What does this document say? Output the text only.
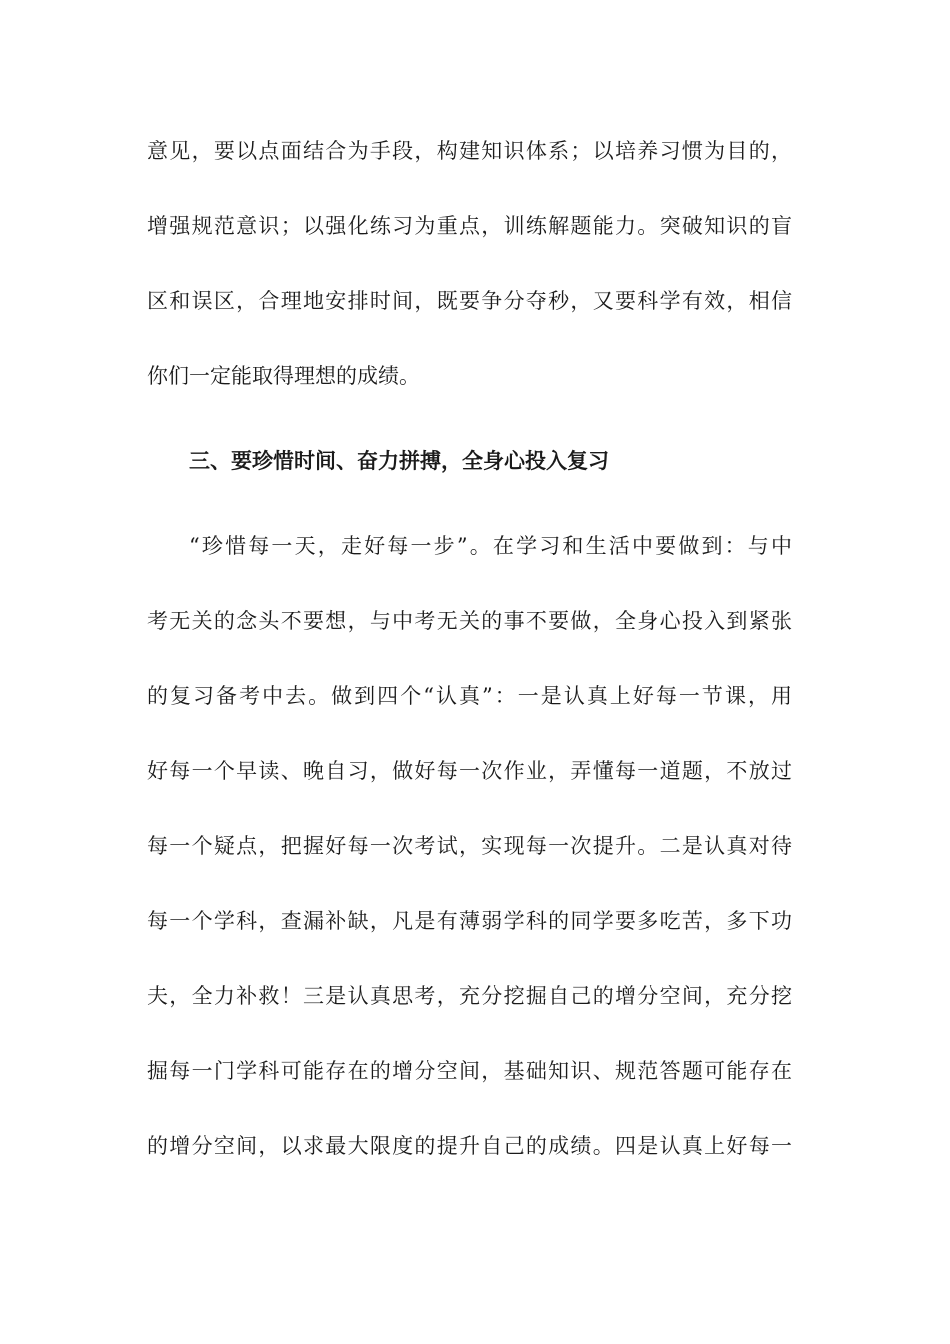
意见，要以点面结合为手段，构建知识体系；以培养习惯为目的，
增强规范意识；以强化练习为重点，训练解题能力。突破知识的盲
区和误区，合理地安排时间，既要争分夺秒，又要科学有效，相信
你们一定能取得理想的成绩。
三、要珍惜时间、奋力拼搏，全身心投入复习
“珍惜每一天，走好每一步”。在学习和生活中要做到：与中
考无关的念头不要想，与中考无关的事不要做，全身心投入到紧张
的复习备考中去。做到四个“认真”：一是认真上好每一节课，用
好每一个早读、晚自习，做好每一次作业，弄懂每一道题，不放过
每一个疑点，把握好每一次考试，实现每一次提升。二是认真对待
每一个学科，查漏补缺，凡是有薄弱学科的同学要多吃苦，多下功
夫，全力补救！三是认真思考，充分挖掘自己的增分空间，充分挖
掘每一门学科可能存在的增分空间，基础知识、规范答题可能存在
的增分空间，以求最大限度的提升自己的成绩。四是认真上好每一
